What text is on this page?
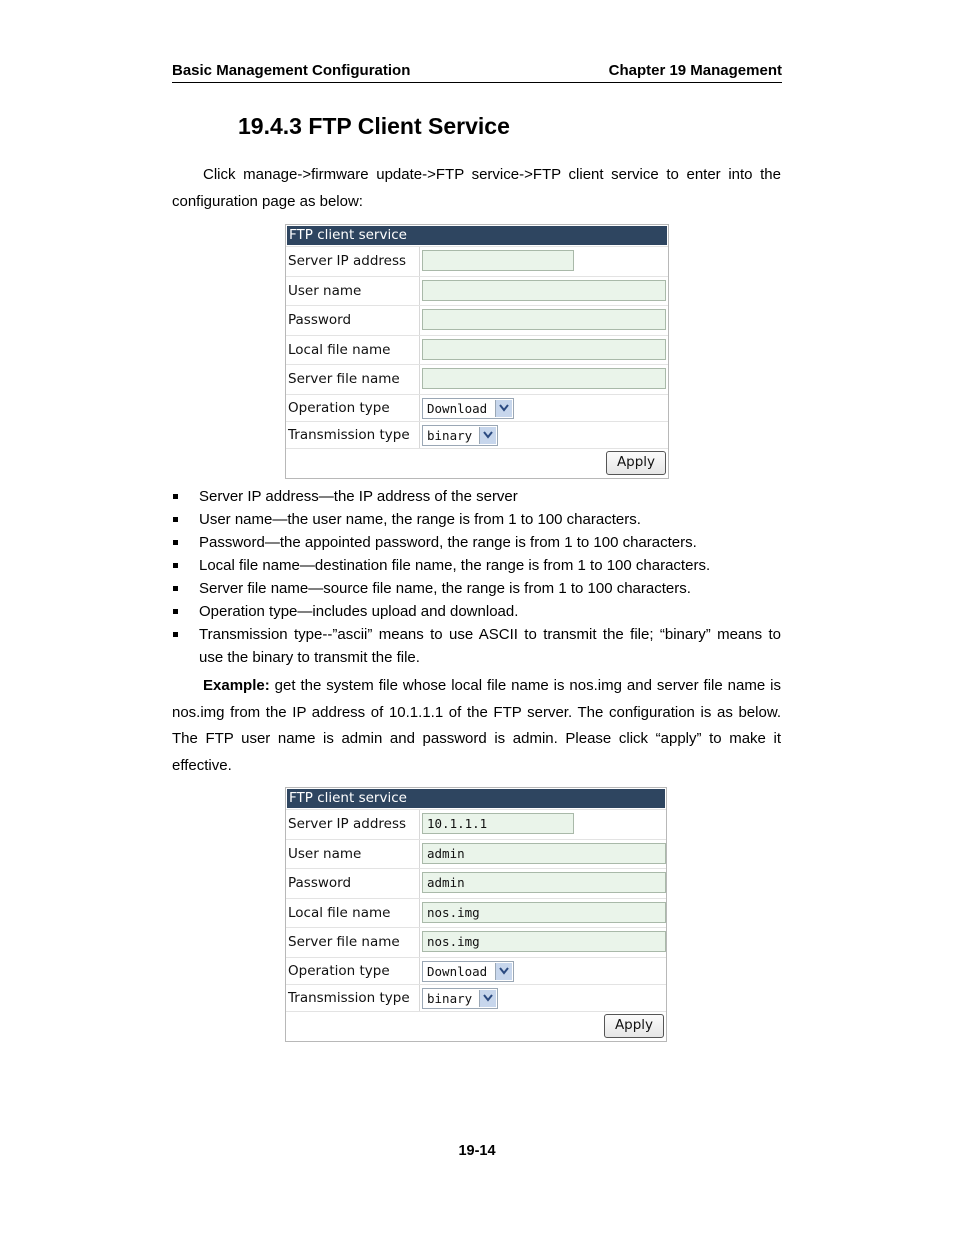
Basic Management Configuration	Chapter 19 Management
19.4.3 FTP Client Service

Click manage->firmware update->FTP service->FTP client service to enter into the configuration page as below:

FTP client service
Server IP address
User name
Password
Local file name
Server file name
Operation type	Download
Transmission type	binary
Apply
Server IP address—the IP address of the server
User name—the user name, the range is from 1 to 100 characters.
Password—the appointed password, the range is from 1 to 100 characters.
Local file name—destination file name, the range is from 1 to 100 characters.
Server file name—source file name, the range is from 1 to 100 characters.
Operation type—includes upload and download.
Transmission type--”ascii” means to use ASCII to transmit the file; “binary” means to use the binary to transmit the file.

Example: get the system file whose local file name is nos.img and server file name is nos.img from the IP address of 10.1.1.1 of the FTP server. The configuration is as below. The FTP user name is admin and password is admin. Please click “apply” to make it effective.

FTP client service
Server IP address	10.1.1.1
User name	admin
Password	admin
Local file name	nos.img
Server file name	nos.img
Operation type	Download
Transmission type	binary
Apply
19-14
